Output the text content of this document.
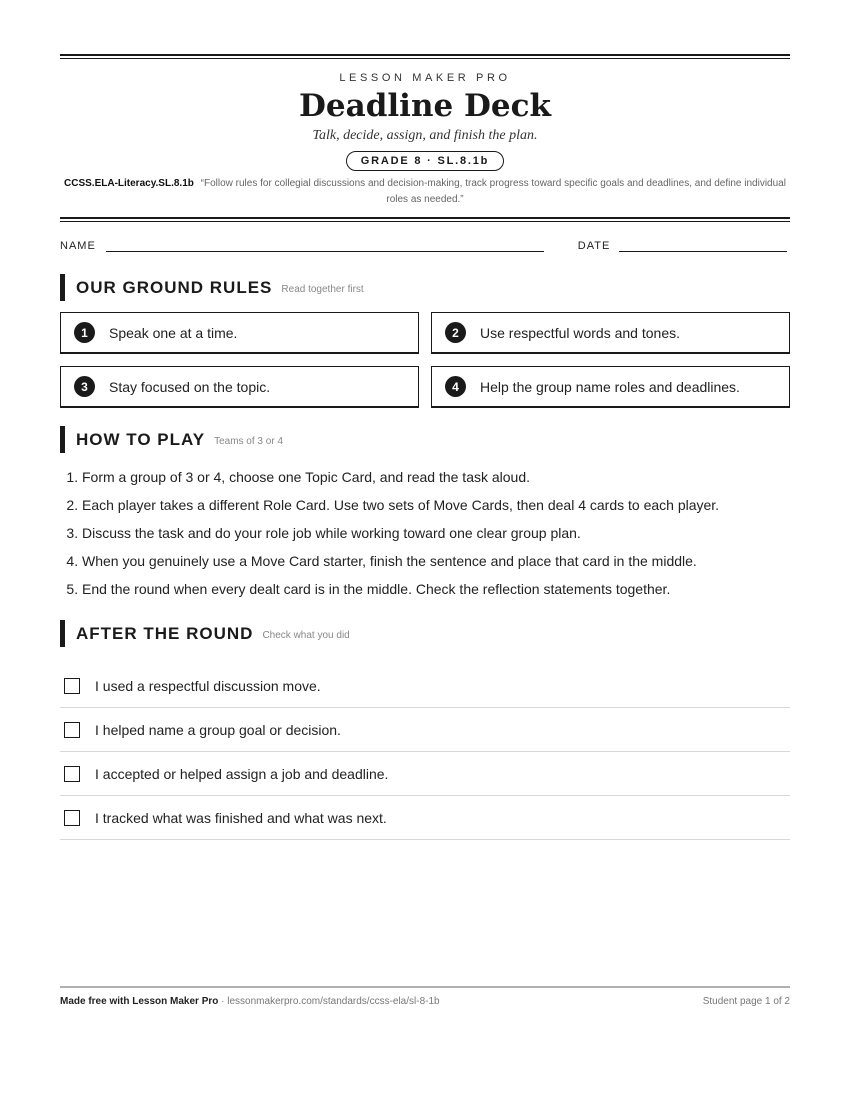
LESSON MAKER PRO
Deadline Deck
Talk, decide, assign, and finish the plan.
GRADE 8 · SL.8.1b
CCSS.ELA-Literacy.SL.8.1b “Follow rules for collegial discussions and decision-making, track progress toward specific goals and deadlines, and define individual roles as needed.”
NAME	DATE
OUR GROUND RULES Read together first
1	Speak one at a time.	2	Use respectful words and tones.
3	Stay focused on the topic.	4	Help the group name roles and deadlines.
HOW TO PLAY Teams of 3 or 4
1. Form a group of 3 or 4, choose one Topic Card, and read the task aloud.
2. Each player takes a different Role Card. Use two sets of Move Cards, then deal 4 cards to each player.
3. Discuss the task and do your role job while working toward one clear group plan.
4. When you genuinely use a Move Card starter, finish the sentence and place that card in the middle.
5. End the round when every dealt card is in the middle. Check the reflection statements together.
AFTER THE ROUND Check what you did
I used a respectful discussion move.
I helped name a group goal or decision.
I accepted or helped assign a job and deadline.
I tracked what was finished and what was next.
Made free with Lesson Maker Pro · lessonmakerpro.com/standards/ccss-ela/sl-8-1b	Student page 1 of 2
